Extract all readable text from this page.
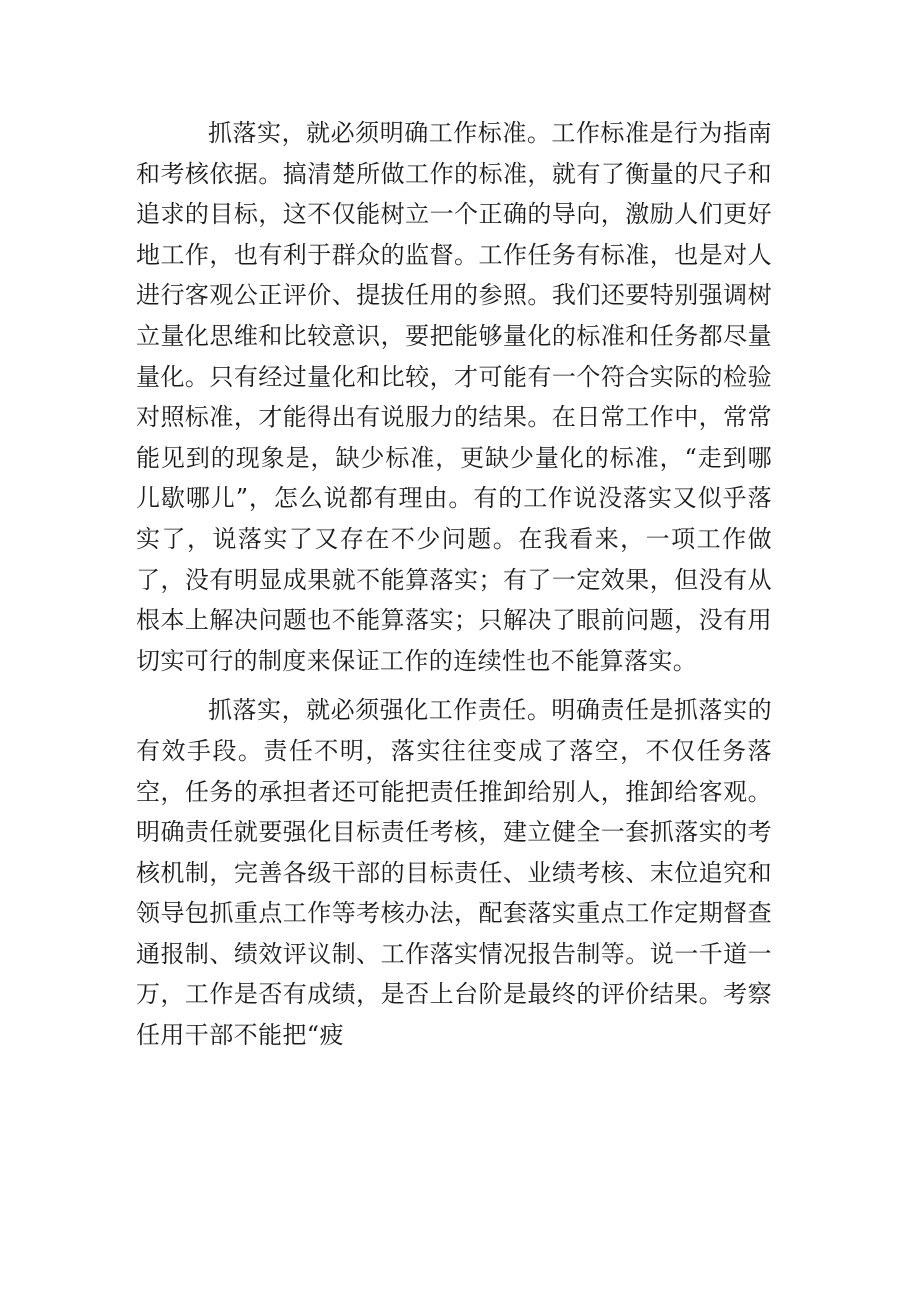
抓落实，就必须明确工作标准。工作标准是行为指南和考核依据。搞清楚所做工作的标准，就有了衡量的尺子和追求的目标，这不仅能树立一个正确的导向，激励人们更好地工作，也有利于群众的监督。工作任务有标准，也是对人进行客观公正评价、提拔任用的参照。我们还要特别强调树立量化思维和比较意识，要把能够量化的标准和任务都尽量量化。只有经过量化和比较，才可能有一个符合实际的检验对照标准，才能得出有说服力的结果。在日常工作中，常常能见到的现象是，缺少标准，更缺少量化的标准，“走到哪儿歇哪儿”，怎么说都有理由。有的工作说没落实又似乎落实了，说落实了又存在不少问题。在我看来，一项工作做了，没有明显成果就不能算落实；有了一定效果，但没有从根本上解决问题也不能算落实；只解决了眼前问题，没有用切实可行的制度来保证工作的连续性也不能算落实。

抓落实，就必须强化工作责任。明确责任是抓落实的有效手段。责任不明，落实往往变成了落空，不仅任务落空，任务的承担者还可能把责任推卸给别人，推卸给客观。明确责任就要强化目标责任考核，建立健全一套抓落实的考核机制，完善各级干部的目标责任、业绩考核、末位追究和领导包抓重点工作等考核办法，配套落实重点工作定期督查通报制、绩效评议制、工作落实情况报告制等。说一千道一万，工作是否有成绩，是否上台阶是最终的评价结果。考察任用干部不能把“疲
